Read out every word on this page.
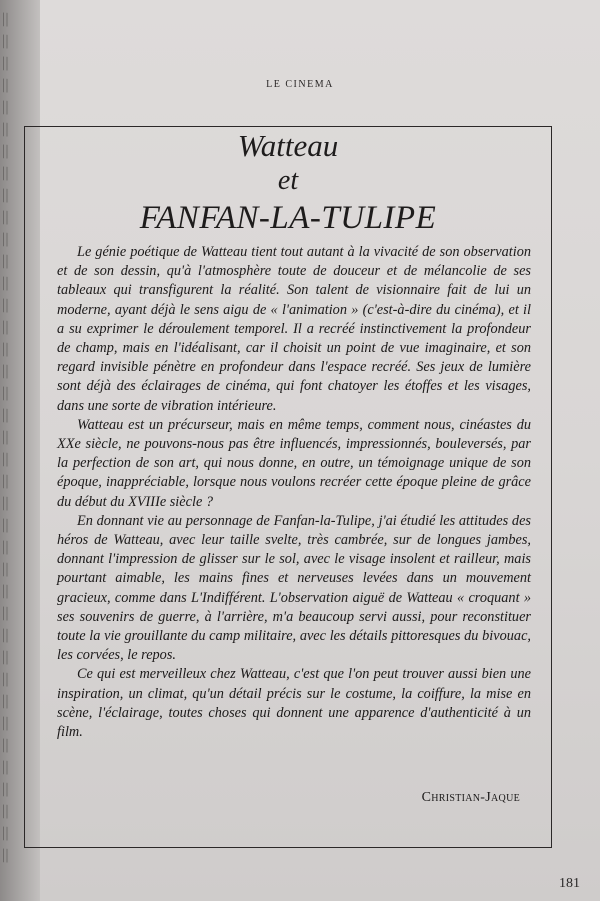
||
||
||
||
||
||
||
||
||
||
||
||
||
||
||
||
||
||
||
||
||
||
||
||
||
||
||
||
||
||
||
||
||
||
||
||
||
||
||
LE CINEMA
Watteau
et
FANFAN-LA-TULIPE

Le génie poétique de Watteau tient tout autant à la vivacité de son observation et de son dessin, qu'à l'atmosphère toute de douceur et de mélancolie de ses tableaux qui transfigurent la réalité. Son talent de visionnaire fait de lui un moderne, ayant déjà le sens aigu de « l'animation » (c'est-à-dire du cinéma), et il a su exprimer le déroulement temporel. Il a recréé instinctivement la profondeur de champ, mais en l'idéalisant, car il choisit un point de vue imaginaire, et son regard invisible pénètre en profondeur dans l'espace recréé. Ses jeux de lumière sont déjà des éclairages de cinéma, qui font chatoyer les étoffes et les visages, dans une sorte de vibration intérieure.

Watteau est un précurseur, mais en même temps, comment nous, cinéastes du XXe siècle, ne pouvons-nous pas être influencés, impressionnés, bouleversés, par la perfection de son art, qui nous donne, en outre, un témoignage unique de son époque, inappréciable, lorsque nous voulons recréer cette époque pleine de grâce du début du XVIIIe siècle ?

En donnant vie au personnage de Fanfan-la-Tulipe, j'ai étudié les attitudes des héros de Watteau, avec leur taille svelte, très cambrée, sur de longues jambes, donnant l'impression de glisser sur le sol, avec le visage insolent et railleur, mais pourtant aimable, les mains fines et nerveuses levées dans un mouvement gracieux, comme dans L'Indifférent. L'observation aiguë de Watteau « croquant » ses souvenirs de guerre, à l'arrière, m'a beaucoup servi aussi, pour reconstituer toute la vie grouillante du camp militaire, avec les détails pittoresques du bivouac, les corvées, le repos.

Ce qui est merveilleux chez Watteau, c'est que l'on peut trouver aussi bien une inspiration, un climat, qu'un détail précis sur le costume, la coiffure, la mise en scène, l'éclairage, toutes choses qui donnent une apparence d'authenticité à un film.

Christian-Jaque
181
